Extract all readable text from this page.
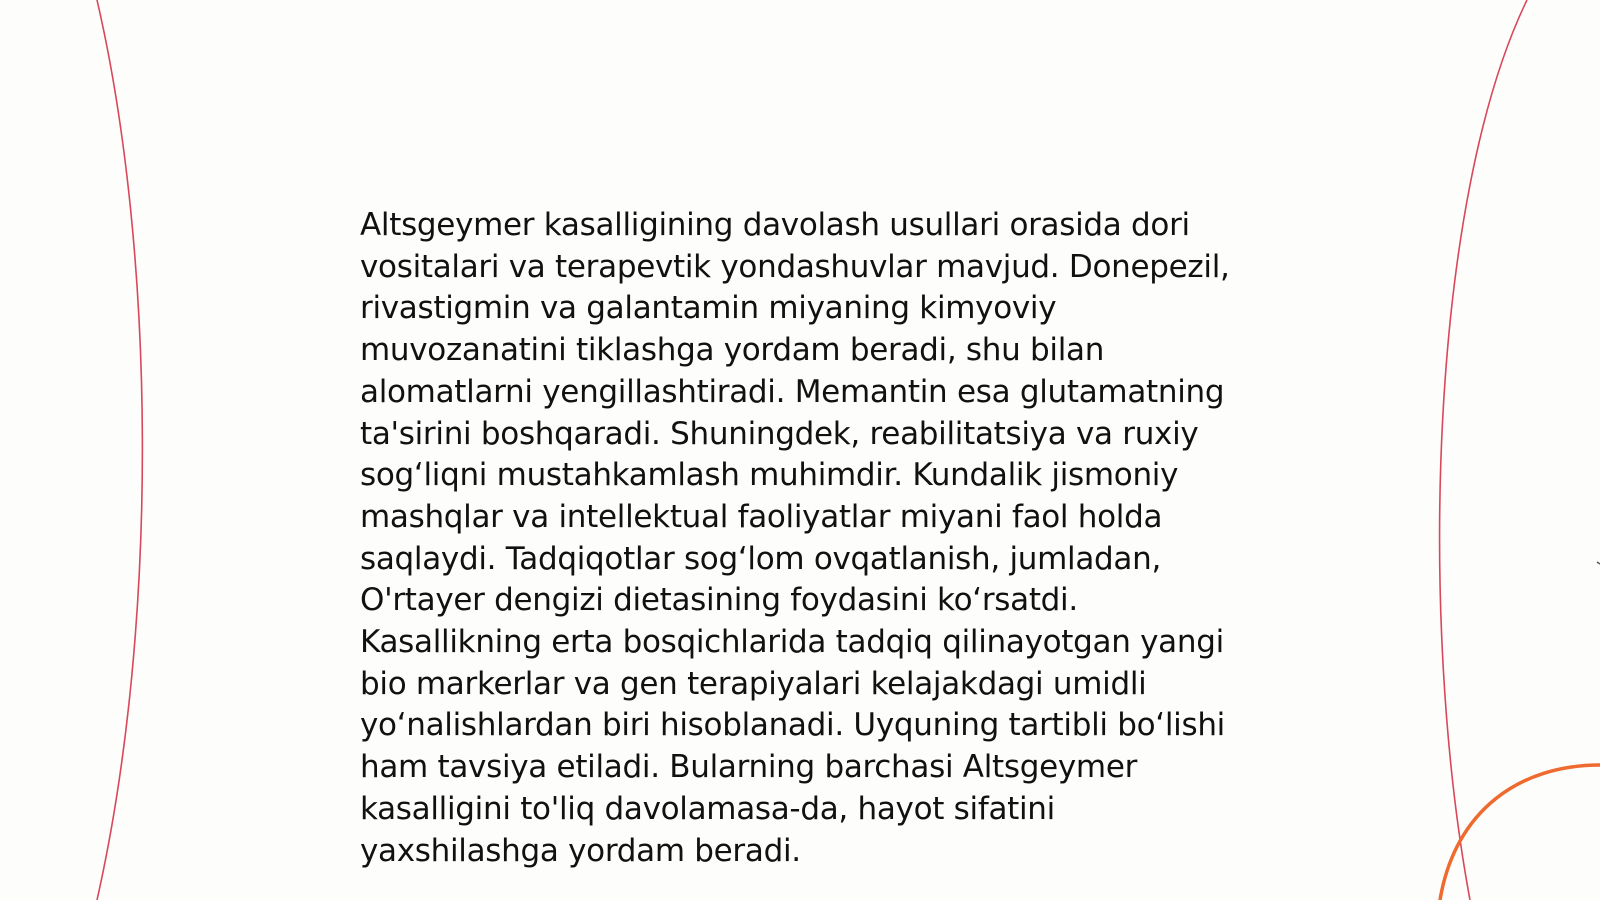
Altsgeymer kasalligining davolash usullari orasida dori vositalari va terapevtik yondashuvlar mavjud. Donepezil, rivastigmin va galantamin miyaning kimyoviy muvozanatini tiklashga yordam beradi, shu bilan alomatlarni yengillashtiradi. Memantin esa glutamatning ta'sirini boshqaradi. Shuningdek, reabilitatsiya va ruxiy sog‘liqni mustahkamlash muhimdir. Kundalik jismoniy mashqlar va intellektual faoliyatlar miyani faol holda saqlaydi. Tadqiqotlar sog‘lom ovqatlanish, jumladan, O'rtayer dengizi dietasining foydasini ko‘rsatdi. Kasallikning erta bosqichlarida tadqiq qilinayotgan yangi bio markerlar va gen terapiyalari kelajakdagi umidli yo‘nalishlardan biri hisoblanadi. Uyquning tartibli bo‘lishi ham tavsiya etiladi. Bularning barchasi Altsgeymer kasalligini to'liq davolamasa-da, hayot sifatini yaxshilashga yordam beradi.
